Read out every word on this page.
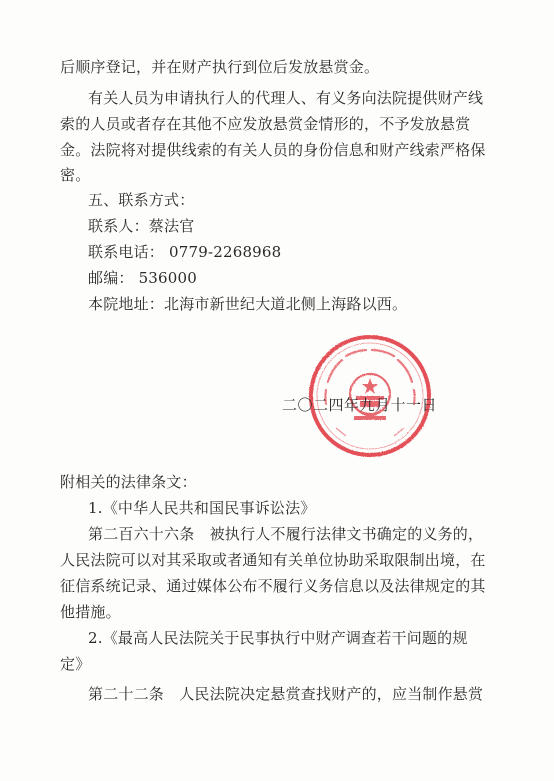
后顺序登记，并在财产执行到位后发放悬赏金。
有关人员为申请执行人的代理人、有义务向法院提供财产线
索的人员或者存在其他不应发放悬赏金情形的，不予发放悬赏
金。法院将对提供线索的有关人员的身份信息和财产线索严格保
密。
五、联系方式：
联系人：蔡法官
联系电话： 0779-2268968
邮编： 536000
本院地址：北海市新世纪大道北侧上海路以西。
二〇二四年九月十一日
附相关的法律条文：
1.《中华人民共和国民事诉讼法》
第二百六十六条　被执行人不履行法律文书确定的义务的，
人民法院可以对其采取或者通知有关单位协助采取限制出境，在
征信系统记录、通过媒体公布不履行义务信息以及法律规定的其
他措施。
2.《最高人民法院关于民事执行中财产调查若干问题的规
定》
第二十二条　人民法院决定悬赏查找财产的，应当制作悬赏
